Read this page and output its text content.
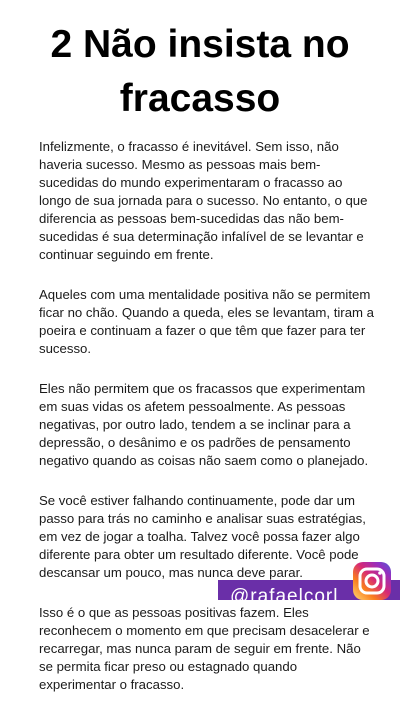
2 Não insista no fracasso

Infelizmente, o fracasso é inevitável. Sem isso, não haveria sucesso. Mesmo as pessoas mais bem-sucedidas do mundo experimentaram o fracasso ao longo de sua jornada para o sucesso. No entanto, o que diferencia as pessoas bem-sucedidas das não bem-sucedidas é sua determinação infalível de se levantar e continuar seguindo em frente.

Aqueles com uma mentalidade positiva não se permitem ficar no chão. Quando a queda, eles se levantam, tiram a poeira e continuam a fazer o que têm que fazer para ter sucesso.

Eles não permitem que os fracassos que experimentam em suas vidas os afetem pessoalmente. As pessoas negativas, por outro lado, tendem a se inclinar para a depressão, o desânimo e os padrões de pensamento negativo quando as coisas não saem como o planejado.

Se você estiver falhando continuamente, pode dar um passo para trás no caminho e analisar suas estratégias, em vez de jogar a toalha. Talvez você possa fazer algo diferente para obter um resultado diferente. Você pode descansar um pouco, mas nunca deve parar.

Isso é o que as pessoas positivas fazem. Eles reconhecem o momento em que precisam desacelerar e recarregar, mas nunca param de seguir em frente. Não se permita ficar preso ou estagnado quando experimentar o fracasso.

@rafaelcorl
